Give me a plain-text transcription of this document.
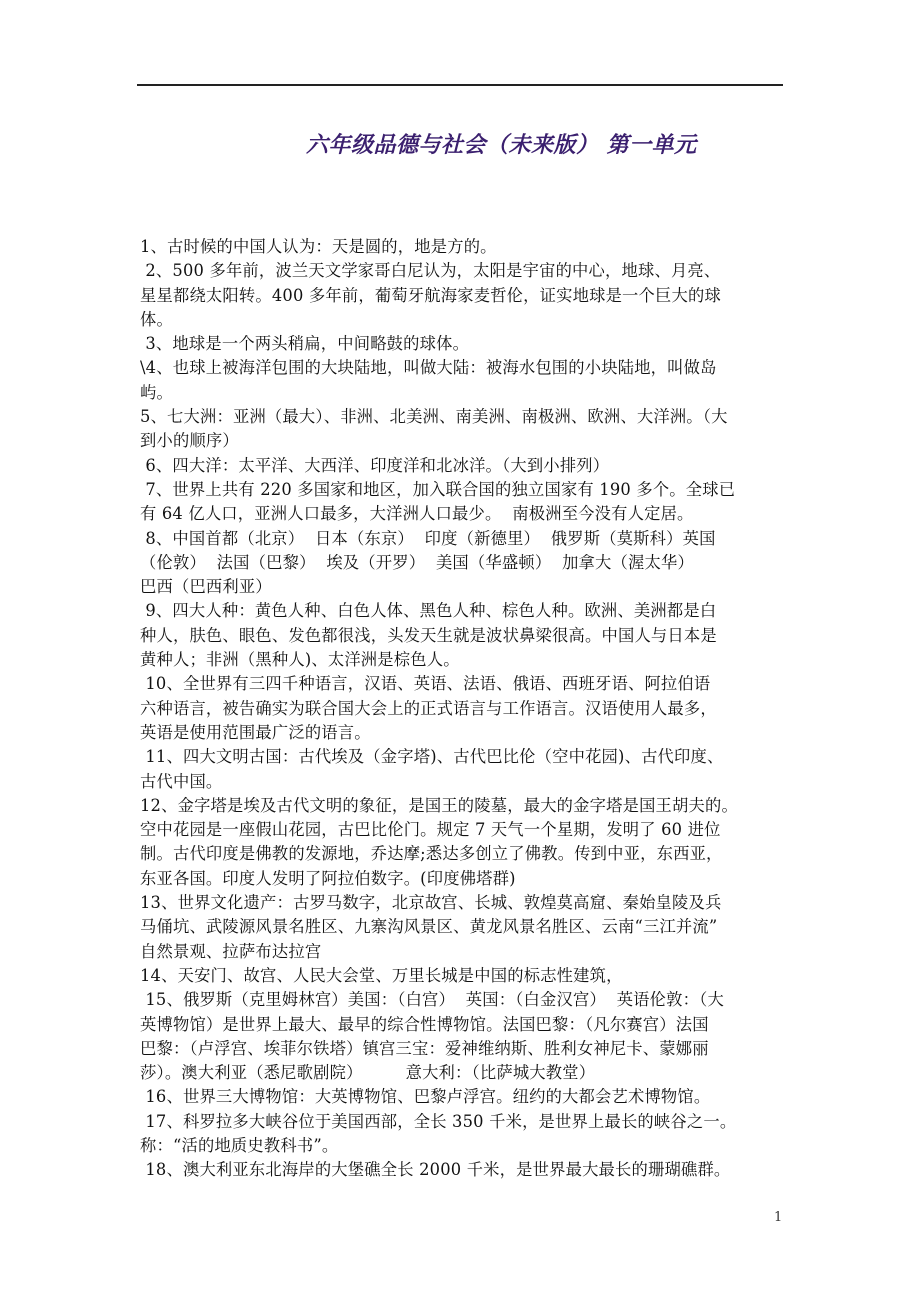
六年级品德与社会（未来版） 第一单元
1、古时候的中国人认为：天是圆的，地是方的。
2、500 多年前，波兰天文学家哥白尼认为，太阳是宇宙的中心，地球、月亮、
星星都绕太阳转。400 多年前，葡萄牙航海家麦哲伦，证实地球是一个巨大的球
体。
3、地球是一个两头稍扁，中间略鼓的球体。
\4、也球上被海洋包围的大块陆地，叫做大陆：被海水包围的小块陆地，叫做岛
屿。
5、七大洲：亚洲（最大）、非洲、北美洲、南美洲、南极洲、欧洲、大洋洲。（大
到小的顺序）
6、四大洋：太平洋、大西洋、印度洋和北冰洋。（大到小排列）
7、世界上共有 220 多国家和地区，加入联合国的独立国家有 190 多个。全球已
有 64 亿人口，亚洲人口最多，大洋洲人口最少。  南极洲至今没有人定居。
8、中国首都（北京）  日本（东京）  印度（新德里）  俄罗斯（莫斯科）英国
（伦敦）  法国（巴黎）  埃及（开罗）  美国（华盛顿）  加拿大（渥太华）
巴西（巴西利亚）
9、四大人种：黄色人种、白色人体、黑色人种、棕色人种。欧洲、美洲都是白
种人，肤色、眼色、发色都很浅，头发天生就是波状鼻梁很高。中国人与日本是
黄种人；非洲（黑种人)、太洋洲是棕色人。
10、全世界有三四千种语言，汉语、英语、法语、俄语、西班牙语、阿拉伯语
六种语言，被告确实为联合国大会上的正式语言与工作语言。汉语使用人最多，
英语是使用范围最广泛的语言。
11、四大文明古国：古代埃及（金字塔)、古代巴比伦（空中花园)、古代印度、
古代中国。
12、金字塔是埃及古代文明的象征，是国王的陵墓，最大的金字塔是国王胡夫的。
空中花园是一座假山花园，古巴比伦门。规定 7 天气一个星期，发明了 60 进位
制。古代印度是佛教的发源地，乔达摩;悉达多创立了佛教。传到中亚，东西亚，
东亚各国。印度人发明了阿拉伯数字。(印度佛塔群)
13、世界文化遗产：古罗马数字，北京故宫、长城、敦煌莫高窟、秦始皇陵及兵
马俑坑、武陵源风景名胜区、九寨沟风景区、黄龙风景名胜区、云南“三江并流”
自然景观、拉萨布达拉宫
14、天安门、故宫、人民大会堂、万里长城是中国的标志性建筑，
15、俄罗斯（克里姆林宫）美国：（白宫）  英国：（白金汉宫）  英语伦敦：（大
英博物馆）是世界上最大、最早的综合性博物馆。法国巴黎：（凡尔赛宫）法国
巴黎：（卢浮宫、埃菲尔铁塔）镇宫三宝：爱神维纳斯、胜利女神尼卡、蒙娜丽
莎）。澳大利亚（悉尼歌剧院）        意大利：（比萨城大教堂）
16、世界三大博物馆：大英博物馆、巴黎卢浮宫。纽约的大都会艺术博物馆。
17、科罗拉多大峡谷位于美国西部，全长 350 千米，是世界上最长的峡谷之一。
称：“活的地质史教科书”。
18、澳大利亚东北海岸的大堡礁全长 2000 千米，是世界最大最长的珊瑚礁群。
1
